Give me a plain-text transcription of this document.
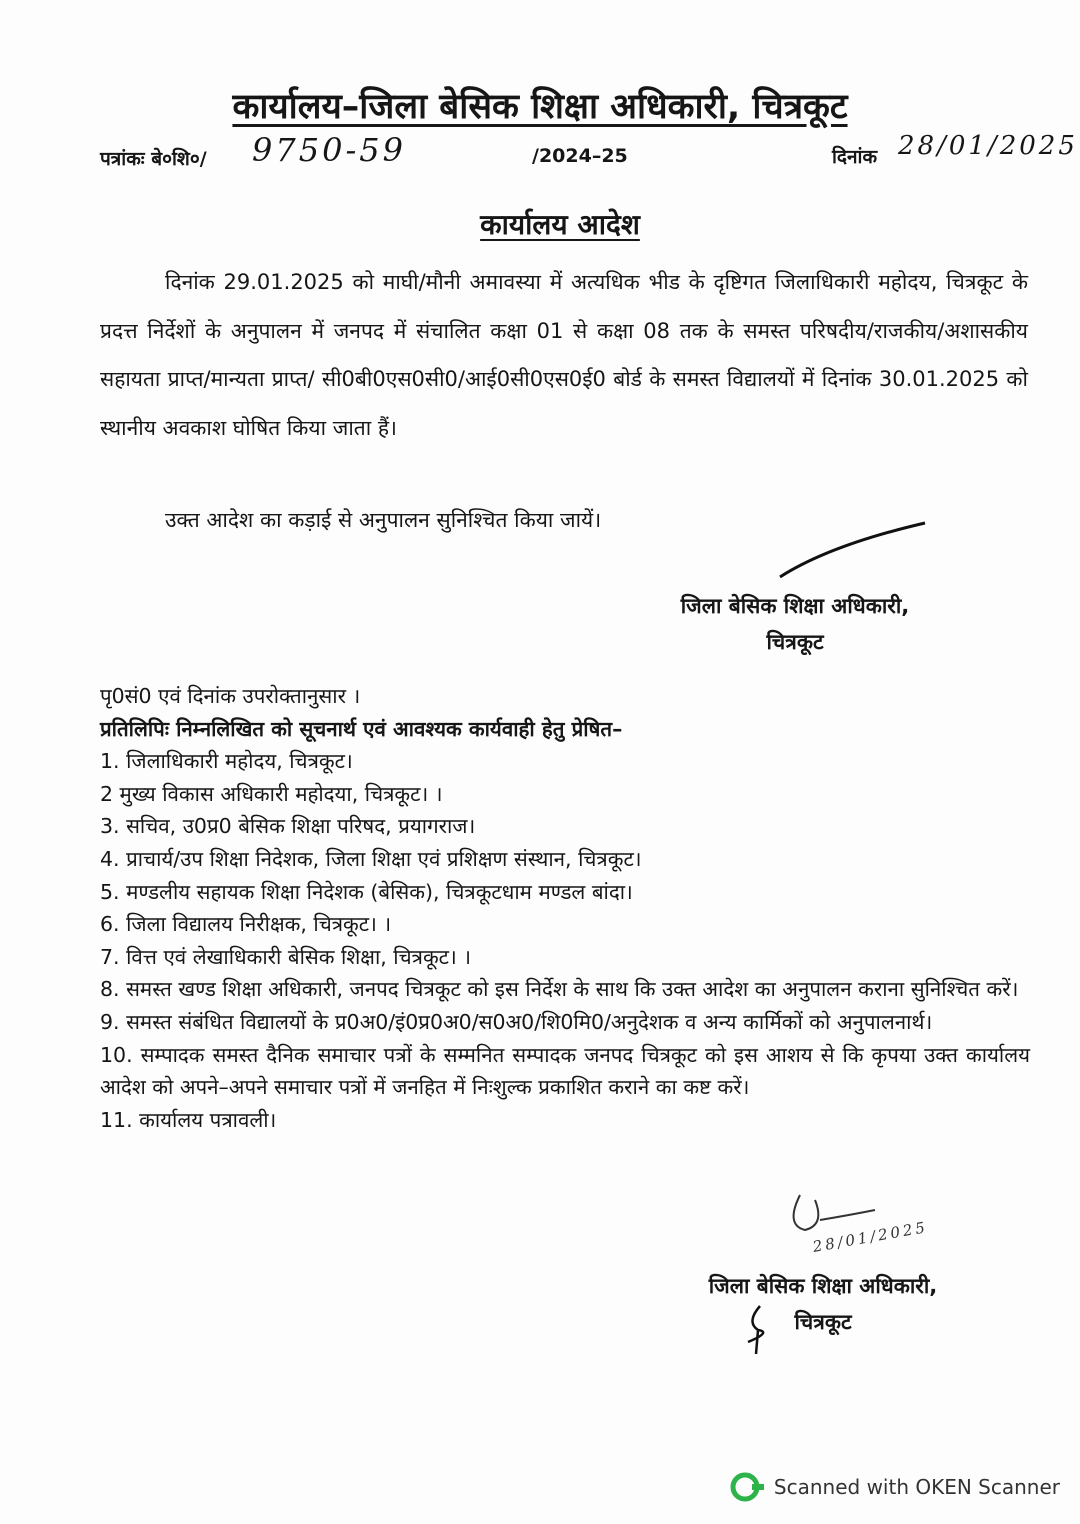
कार्यालय–जिला बेसिक शिक्षा अधिकारी, चित्रकूट
पत्रांकः बे०शि०/ 9750-59	/2024–25	दिनांक 28/01/2025
कार्यालय आदेश
दिनांक 29.01.2025 को माघी/मौनी अमावस्या में अत्यधिक भीड के दृष्टिगत जिलाधिकारी महोदय, चित्रकूट के प्रदत्त निर्देशों के अनुपालन में जनपद में संचालित कक्षा 01 से कक्षा 08 तक के समस्त परिषदीय/राजकीय/अशासकीय सहायता प्राप्त/मान्यता प्राप्त/ सी0बी0एस0सी0/आई0सी0एस0ई0 बोर्ड के समस्त विद्यालयों में दिनांक 30.01.2025 को स्थानीय अवकाश घोषित किया जाता हैं।
उक्त आदेश का कड़ाई से अनुपालन सुनिश्चित किया जायें।
जिला बेसिक शिक्षा अधिकारी,
चित्रकूट
पृ0सं0 एवं दिनांक उपरोक्तानुसार ।
प्रतिलिपिः निम्नलिखित को सूचनार्थ एवं आवश्यक कार्यवाही हेतु प्रेषित–
1. जिलाधिकारी महोदय, चित्रकूट।
2 मुख्य विकास अधिकारी महोदया, चित्रकूट। ।
3. सचिव, उ0प्र0 बेसिक शिक्षा परिषद, प्रयागराज।
4. प्राचार्य/उप शिक्षा निदेशक, जिला शिक्षा एवं प्रशिक्षण संस्थान, चित्रकूट।
5. मण्डलीय सहायक शिक्षा निदेशक (बेसिक), चित्रकूटधाम मण्डल बांदा।
6. जिला विद्यालय निरीक्षक, चित्रकूट। ।
7. वित्त एवं लेखाधिकारी बेसिक शिक्षा, चित्रकूट। ।
8. समस्त खण्ड शिक्षा अधिकारी, जनपद चित्रकूट को इस निर्देश के साथ कि उक्त आदेश का अनुपालन कराना सुनिश्चित करें।
9. समस्त संबंधित विद्यालयों के प्र0अ0/इं0प्र0अ0/स0अ0/शि0मि0/अनुदेशक व अन्य कार्मिकों को अनुपालनार्थ।
10. सम्पादक समस्त दैनिक समाचार पत्रों के सम्मनित सम्पादक जनपद चित्रकूट को इस आशय से कि कृपया उक्त कार्यालय आदेश को अपने–अपने समाचार पत्रों में जनहित में निःशुल्क प्रकाशित कराने का कष्ट करें।
11. कार्यालय पत्रावली।
28/01/2025
जिला बेसिक शिक्षा अधिकारी,
चित्रकूट
Scanned with OKEN Scanner
